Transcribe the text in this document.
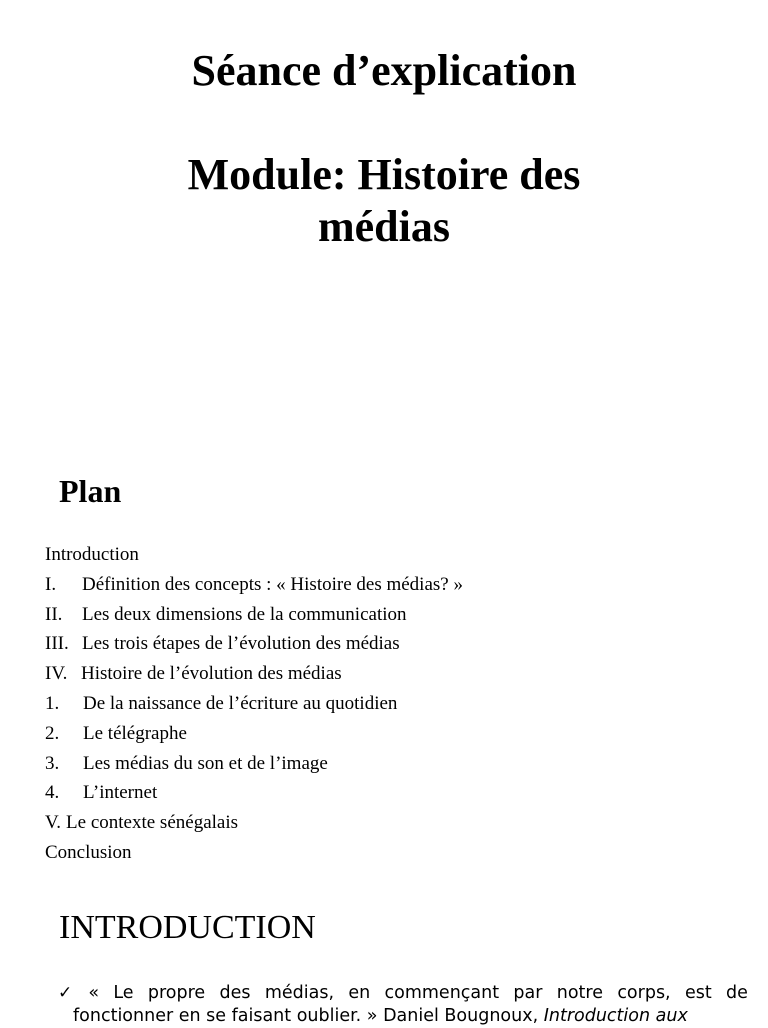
Séance d’explication
Module: Histoire des
médias
Plan
Introduction
I.	Définition des concepts : « Histoire des médias? »
II.	Les deux dimensions de la communication
III. Les trois étapes de l’évolution des médias
IV. Histoire de l’évolution des médias
1.	De la naissance de l’écriture au quotidien
2.	Le télégraphe
3.	Les médias du son et de l’image
4.	L’internet
V. Le contexte sénégalais
Conclusion
INTRODUCTION
✓ « Le propre des médias, en commençant par notre corps, est de
fonctionner en se faisant oublier. » Daniel Bougnoux, Introduction aux
